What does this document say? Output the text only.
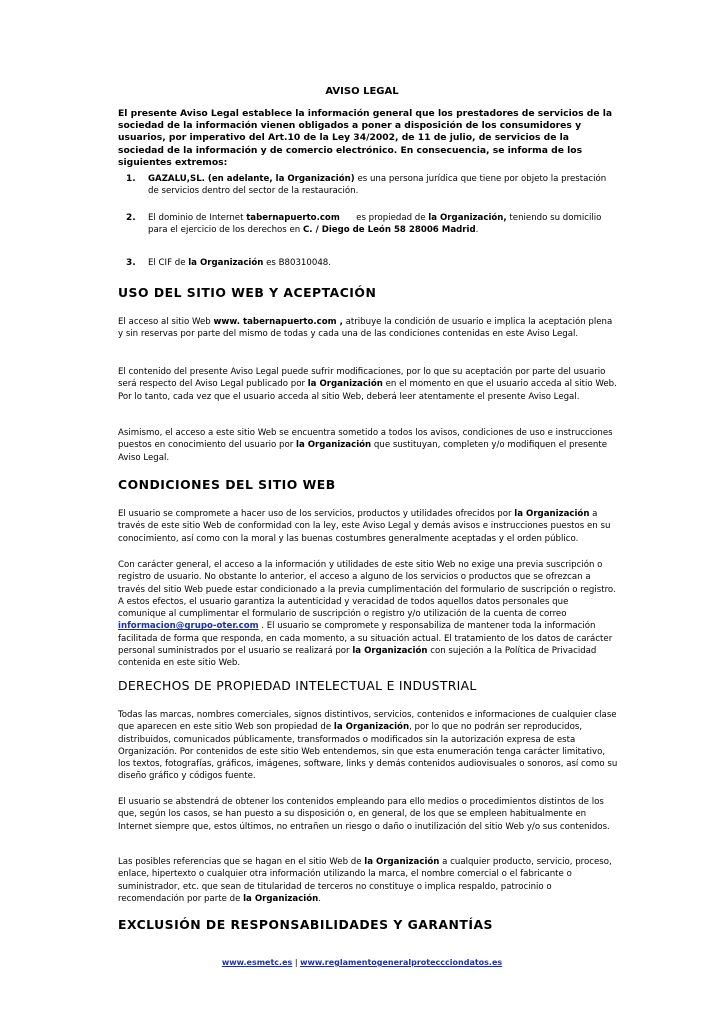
AVISO LEGAL

El presente Aviso Legal establece la información general que los prestadores de servicios de la sociedad de la información vienen obligados a poner a disposición de los consumidores y usuarios, por imperativo del Art.10 de la Ley 34/2002, de 11 de julio, de servicios de la sociedad de la información y de comercio electrónico. En consecuencia, se informa de los siguientes extremos:

1. GAZALU,SL. (en adelante, la Organización) es una persona jurídica que tiene por objeto la prestación de servicios dentro del sector de la restauración.
2. El dominio de Internet tabernapuerto.com      es propiedad de la Organización, teniendo su domicilio para el ejercicio de los derechos en C. / Diego de León 58 28006 Madrid.
3. El CIF de la Organización es B80310048.
USO DEL SITIO WEB Y ACEPTACIÓN

El acceso al sitio Web www. tabernapuerto.com , atribuye la condición de usuario e implica la aceptación plena y sin reservas por parte del mismo de todas y cada una de las condiciones contenidas en este Aviso Legal.

El contenido del presente Aviso Legal puede sufrir modificaciones, por lo que su aceptación por parte del usuario será respecto del Aviso Legal publicado por la Organización en el momento en que el usuario acceda al sitio Web. Por lo tanto, cada vez que el usuario acceda al sitio Web, deberá leer atentamente el presente Aviso Legal.

Asimismo, el acceso a este sitio Web se encuentra sometido a todos los avisos, condiciones de uso e instrucciones puestos en conocimiento del usuario por la Organización que sustituyan, completen y/o modifiquen el presente Aviso Legal.

CONDICIONES DEL SITIO WEB

El usuario se compromete a hacer uso de los servicios, productos y utilidades ofrecidos por la Organización a través de este sitio Web de conformidad con la ley, este Aviso Legal y demás avisos e instrucciones puestos en su conocimiento, así como con la moral y las buenas costumbres generalmente aceptadas y el orden público.

Con carácter general, el acceso a la información y utilidades de este sitio Web no exige una previa suscripción o registro de usuario. No obstante lo anterior, el acceso a alguno de los servicios o productos que se ofrezcan a través del sitio Web puede estar condicionado a la previa cumplimentación del formulario de suscripción o registro. A estos efectos, el usuario garantiza la autenticidad y veracidad de todos aquellos datos personales que comunique al cumplimentar el formulario de suscripción o registro y/o utilización de la cuenta de correo informacion@grupo-oter.com . El usuario se compromete y responsabiliza de mantener toda la información facilitada de forma que responda, en cada momento, a su situación actual. El tratamiento de los datos de carácter personal suministrados por el usuario se realizará por la Organización con sujeción a la Política de Privacidad contenida en este sitio Web.

DERECHOS DE PROPIEDAD INTELECTUAL E INDUSTRIAL

Todas las marcas, nombres comerciales, signos distintivos, servicios, contenidos e informaciones de cualquier clase que aparecen en este sitio Web son propiedad de la Organización, por lo que no podrán ser reproducidos, distribuidos, comunicados públicamente, transformados o modificados sin la autorización expresa de esta Organización. Por contenidos de este sitio Web entendemos, sin que esta enumeración tenga carácter limitativo, los textos, fotografías, gráficos, imágenes, software, links y demás contenidos audiovisuales o sonoros, así como su diseño gráfico y códigos fuente.

El usuario se abstendrá de obtener los contenidos empleando para ello medios o procedimientos distintos de los que, según los casos, se han puesto a su disposición o, en general, de los que se empleen habitualmente en Internet siempre que, estos últimos, no entrañen un riesgo o daño o inutilización del sitio Web y/o sus contenidos.

Las posibles referencias que se hagan en el sitio Web de la Organización a cualquier producto, servicio, proceso, enlace, hipertexto o cualquier otra información utilizando la marca, el nombre comercial o el fabricante o suministrador, etc. que sean de titularidad de terceros no constituye o implica respaldo, patrocinio o recomendación por parte de la Organización.

EXCLUSIÓN DE RESPONSABILIDADES Y GARANTÍAS

www.esmetc.es | www.reglamentogeneralproteccciondatos.es
